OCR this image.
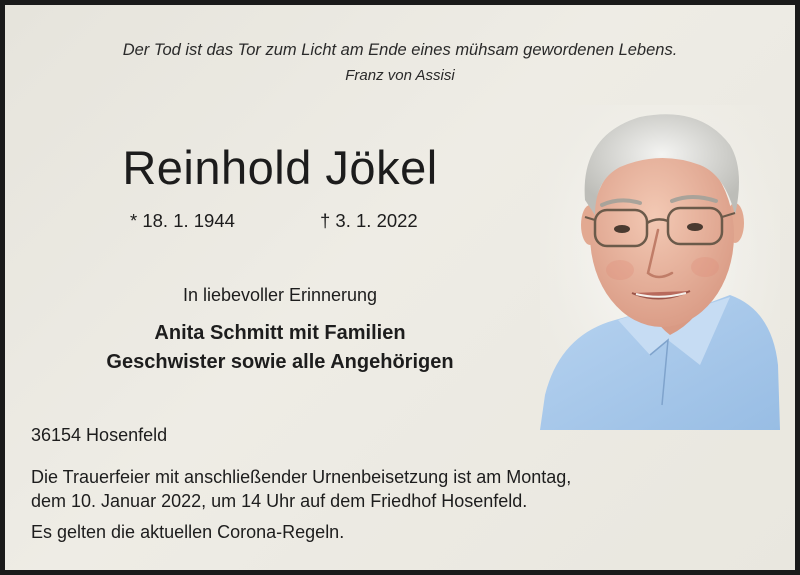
Der Tod ist das Tor zum Licht am Ende eines mühsam gewordenen Lebens.
Franz von Assisi
Reinhold Jökel
* 18. 1. 1944	† 3. 1. 2022
In liebevoller Erinnerung
Anita Schmitt mit Familien
Geschwister sowie alle Angehörigen
36154 Hosenfeld
Die Trauerfeier mit anschließender Urnenbeisetzung ist am Montag,
dem 10. Januar 2022, um 14 Uhr auf dem Friedhof Hosenfeld.
Es gelten die aktuellen Corona-Regeln.
